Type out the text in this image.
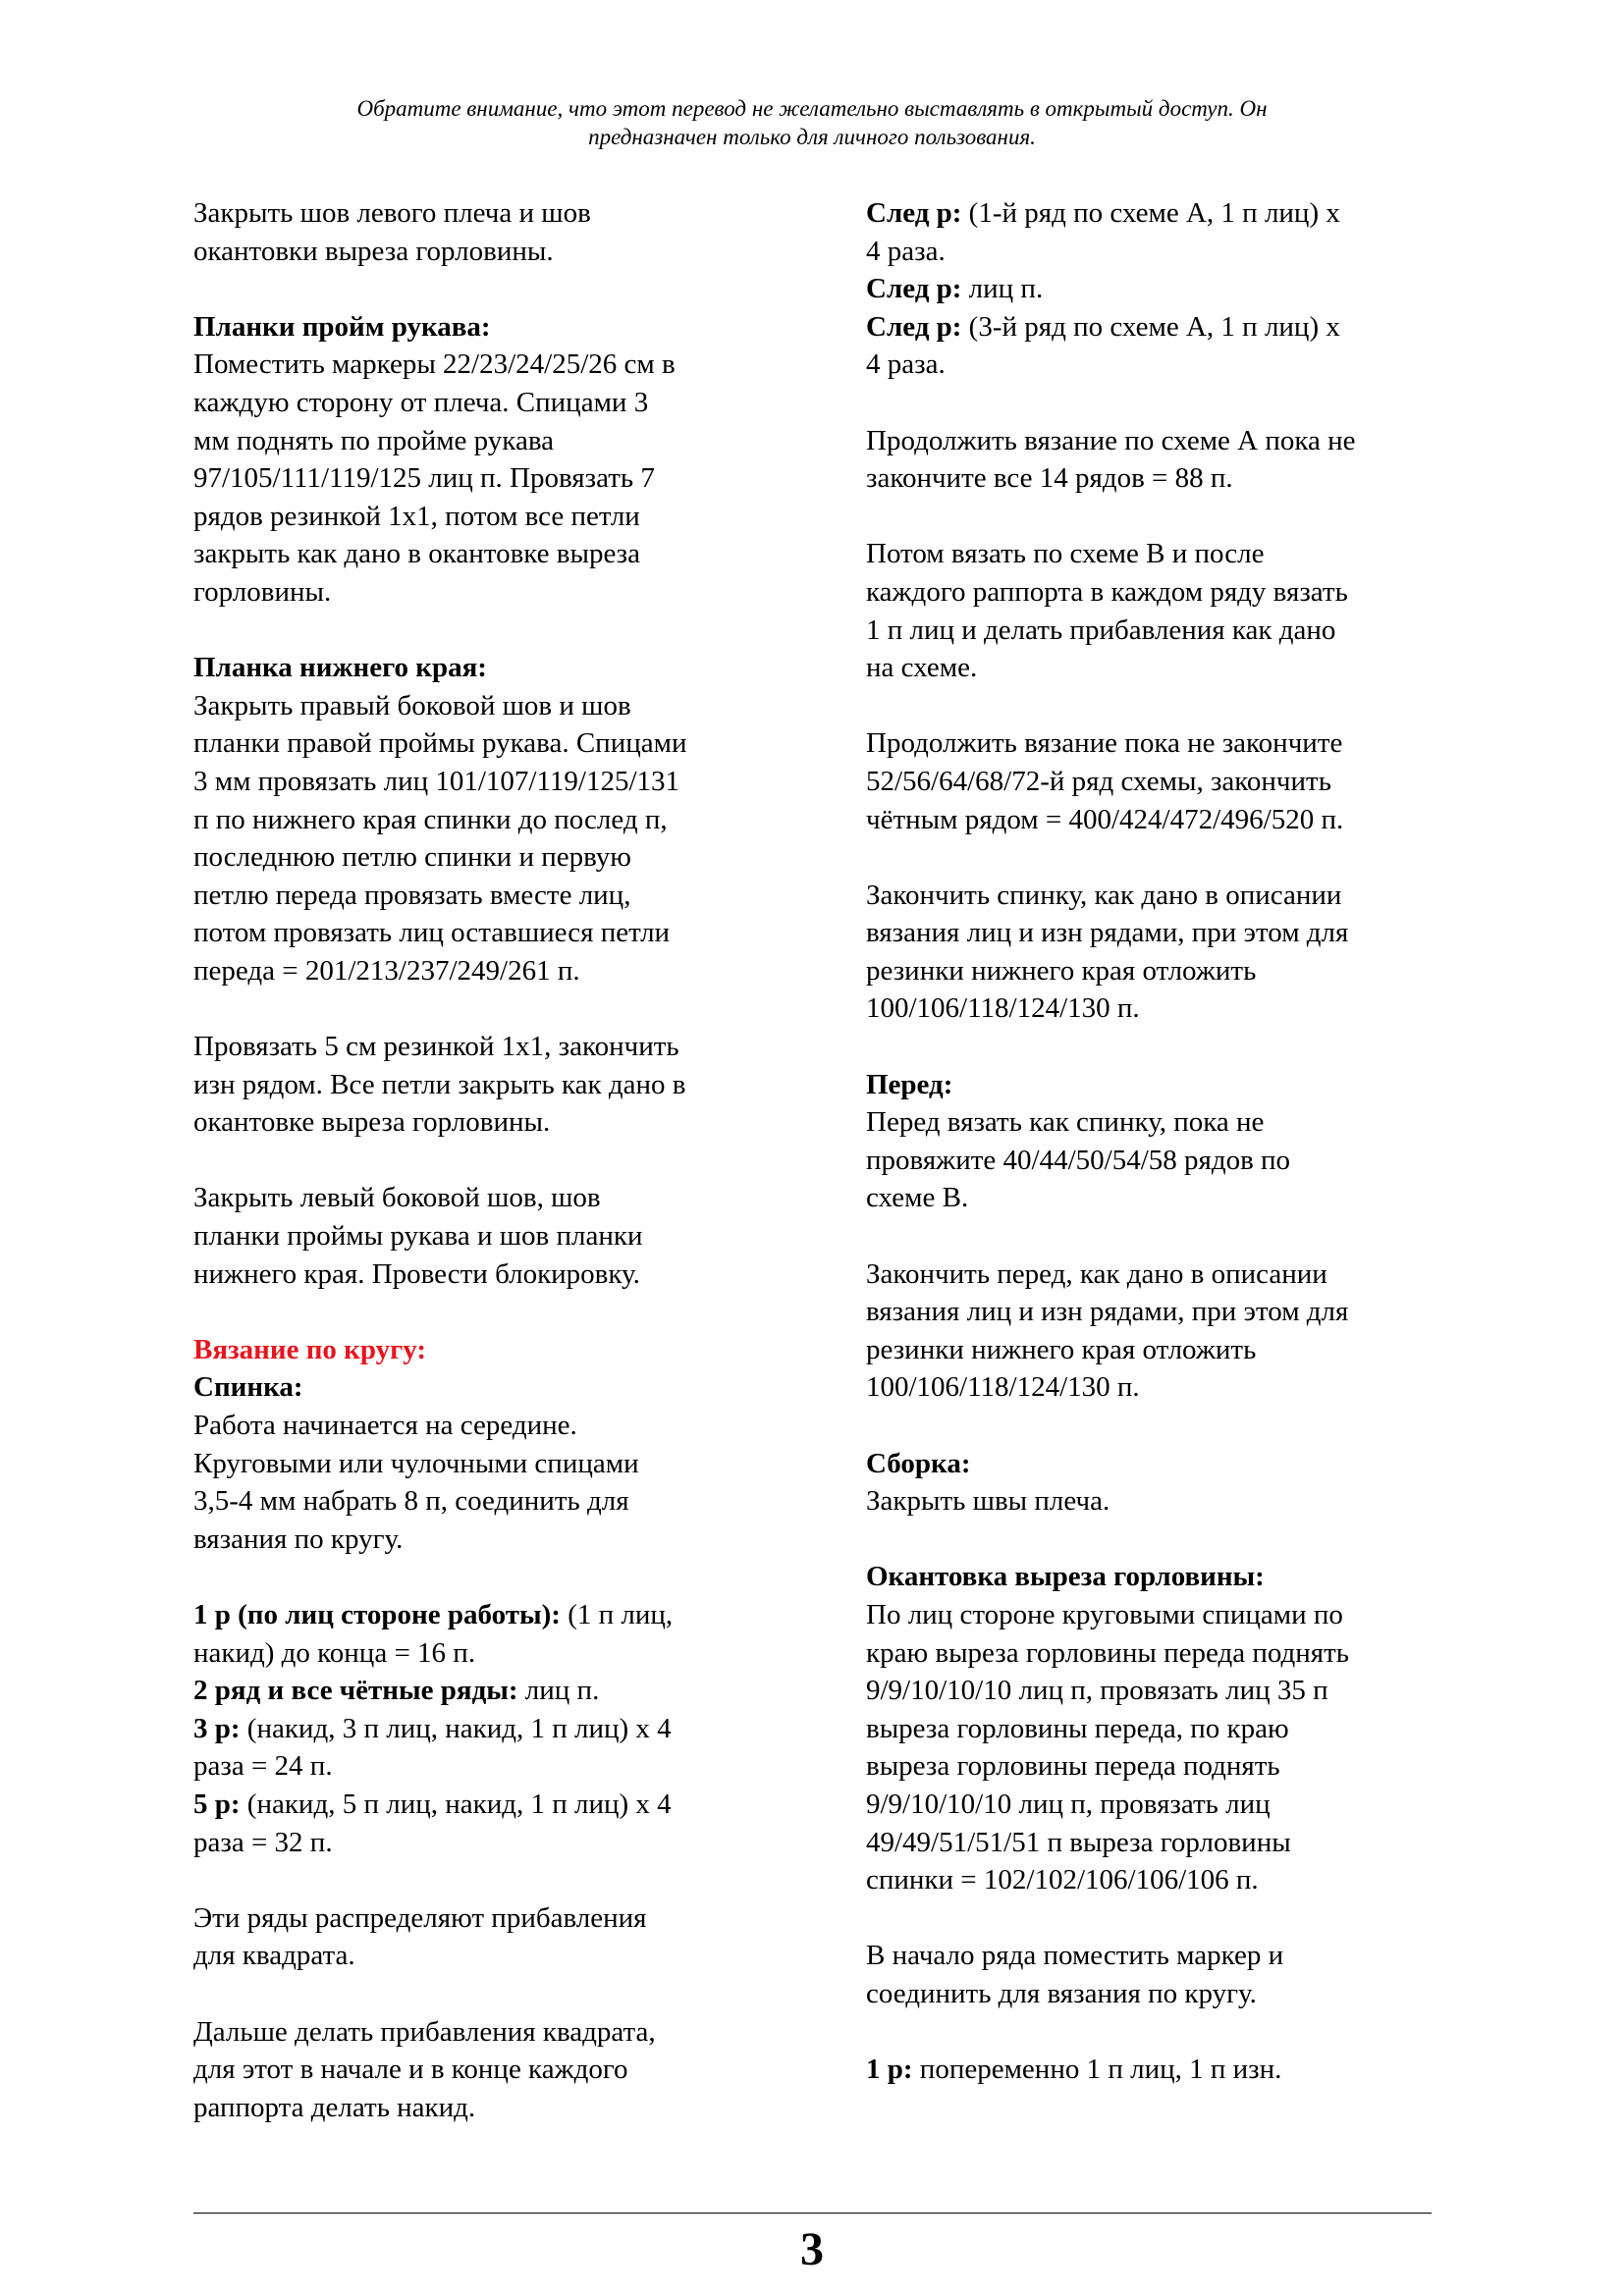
Обратите внимание, что этот перевод не желательно выставлять в открытый доступ. Он
предназначен только для личного пользования.
Закрыть шов левого плеча и шов
окантовки выреза горловины.
Планки пройм рукава:
Поместить маркеры 22/23/24/25/26 см в
каждую сторону от плеча. Спицами 3
мм поднять по пройме рукава
97/105/111/119/125 лиц п. Провязать 7
рядов резинкой 1х1, потом все петли
закрыть как дано в окантовке выреза
горловины.
Планка нижнего края:
Закрыть правый боковой шов и шов
планки правой проймы рукава. Спицами
3 мм провязать лиц 101/107/119/125/131
п по нижнего края спинки до послед п,
последнюю петлю спинки и первую
петлю переда провязать вместе лиц,
потом провязать лиц оставшиеся петли
переда = 201/213/237/249/261 п.
Провязать 5 см резинкой 1х1, закончить
изн рядом. Все петли закрыть как дано в
окантовке выреза горловины.
Закрыть левый боковой шов, шов
планки проймы рукава и шов планки
нижнего края. Провести блокировку.
Вязание по кругу:
Спинка:
Работа начинается на середине.
Круговыми или чулочными спицами
3,5-4 мм набрать 8 п, соединить для
вязания по кругу.
1 р (по лиц стороне работы): (1 п лиц,
накид) до конца = 16 п.
2 ряд и все чётные ряды: лиц п.
3 р: (накид, 3 п лиц, накид, 1 п лиц) х 4
раза = 24 п.
5 р: (накид, 5 п лиц, накид, 1 п лиц) х 4
раза = 32 п.
Эти ряды распределяют прибавления
для квадрата.
Дальше делать прибавления квадрата,
для этот в начале и в конце каждого
раппорта делать накид.
След р: (1-й ряд по схеме А, 1 п лиц) х
4 раза.
След р: лиц п.
След р: (3-й ряд по схеме А, 1 п лиц) х
4 раза.
Продолжить вязание по схеме А пока не
закончите все 14 рядов = 88 п.
Потом вязать по схеме В и после
каждого раппорта в каждом ряду вязать
1 п лиц и делать прибавления как дано
на схеме.
Продолжить вязание пока не закончите
52/56/64/68/72-й ряд схемы, закончить
чётным рядом = 400/424/472/496/520 п.
Закончить спинку, как дано в описании
вязания лиц и изн рядами, при этом для
резинки нижнего края отложить
100/106/118/124/130 п.
Перед:
Перед вязать как спинку, пока не
провяжите 40/44/50/54/58 рядов по
схеме В.
Закончить перед, как дано в описании
вязания лиц и изн рядами, при этом для
резинки нижнего края отложить
100/106/118/124/130 п.
Сборка:
Закрыть швы плеча.
Окантовка выреза горловины:
По лиц стороне круговыми спицами по
краю выреза горловины переда поднять
9/9/10/10/10 лиц п, провязать лиц 35 п
выреза горловины переда, по краю
выреза горловины переда поднять
9/9/10/10/10 лиц п, провязать лиц
49/49/51/51/51 п выреза горловины
спинки = 102/102/106/106/106 п.
В начало ряда поместить маркер и
соединить для вязания по кругу.
1 р: попеременно 1 п лиц, 1 п изн.
3
